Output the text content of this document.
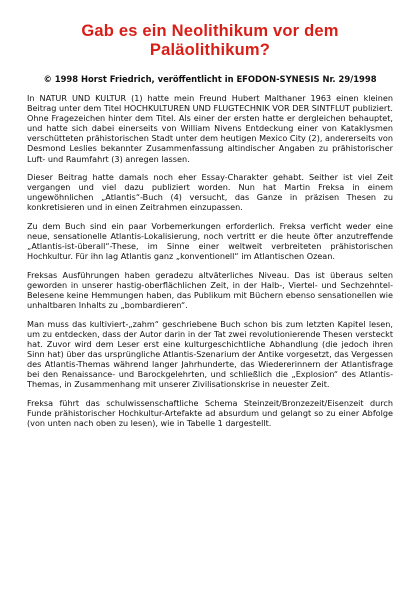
Gab es ein Neolithikum vor dem Paläolithikum?
© 1998 Horst Friedrich, veröffentlicht in EFODON-SYNESIS Nr. 29/1998

In NATUR UND KULTUR (1) hatte mein Freund Hubert Malthaner 1963 einen kleinen Beitrag unter dem Titel HOCHKULTUREN UND FLUGTECHNIK VOR DER SINTFLUT publiziert. Ohne Fragezeichen hinter dem Titel. Als einer der ersten hatte er dergleichen behauptet, und hatte sich dabei einerseits von William Nivens Entdeckung einer von Kataklysmen verschütteten prähistorischen Stadt unter dem heutigen Mexico City (2), andererseits von Desmond Leslies bekannter Zusammenfassung altindischer Angaben zu prähistorischer Luft- und Raumfahrt (3) anregen lassen.

Dieser Beitrag hatte damals noch eher Essay-Charakter gehabt. Seither ist viel Zeit vergangen und viel dazu publiziert worden. Nun hat Martin Freksa in einem ungewöhnlichen „Atlantis“-Buch (4) versucht, das Ganze in präzisen Thesen zu konkretisieren und in einen Zeitrahmen einzupassen.

Zu dem Buch sind ein paar Vorbemerkungen erforderlich. Freksa verficht weder eine neue, sensationelle Atlantis-Lokalisierung, noch vertritt er die heute öfter anzutreffende „Atlantis-ist-überall“-These, im Sinne einer weltweit verbreiteten prähistorischen Hochkultur. Für ihn lag Atlantis ganz „konventionell“ im Atlantischen Ozean.

Freksas Ausführungen haben geradezu altväterliches Niveau. Das ist überaus selten geworden in unserer hastig-oberflächlichen Zeit, in der Halb-, Viertel- und Sechzehntel-Belesene keine Hemmungen haben, das Publikum mit Büchern ebenso sensationellen wie unhaltbaren Inhalts zu „bombardieren“.

Man muss das kultiviert-„zahm“ geschriebene Buch schon bis zum letzten Kapitel lesen, um zu entdecken, dass der Autor darin in der Tat zwei revolutionierende Thesen versteckt hat. Zuvor wird dem Leser erst eine kulturgeschichtliche Abhandlung (die jedoch ihren Sinn hat) über das ursprüngliche Atlantis-Szenarium der Antike vorgesetzt, das Vergessen des Atlantis-Themas während langer Jahrhunderte, das Wiedererinnern der Atlantisfrage bei den Renaissance- und Barockgelehrten, und schließlich die „Explosion“ des Atlantis-Themas, in Zusammenhang mit unserer Zivilisationskrise in neuester Zeit.

Freksa führt das schulwissenschaftliche Schema Steinzeit/Bronzezeit/Eisenzeit durch Funde prähistorischer Hochkultur-Artefakte ad absurdum und gelangt so zu einer Abfolge (von unten nach oben zu lesen), wie in Tabelle 1 dargestellt.
